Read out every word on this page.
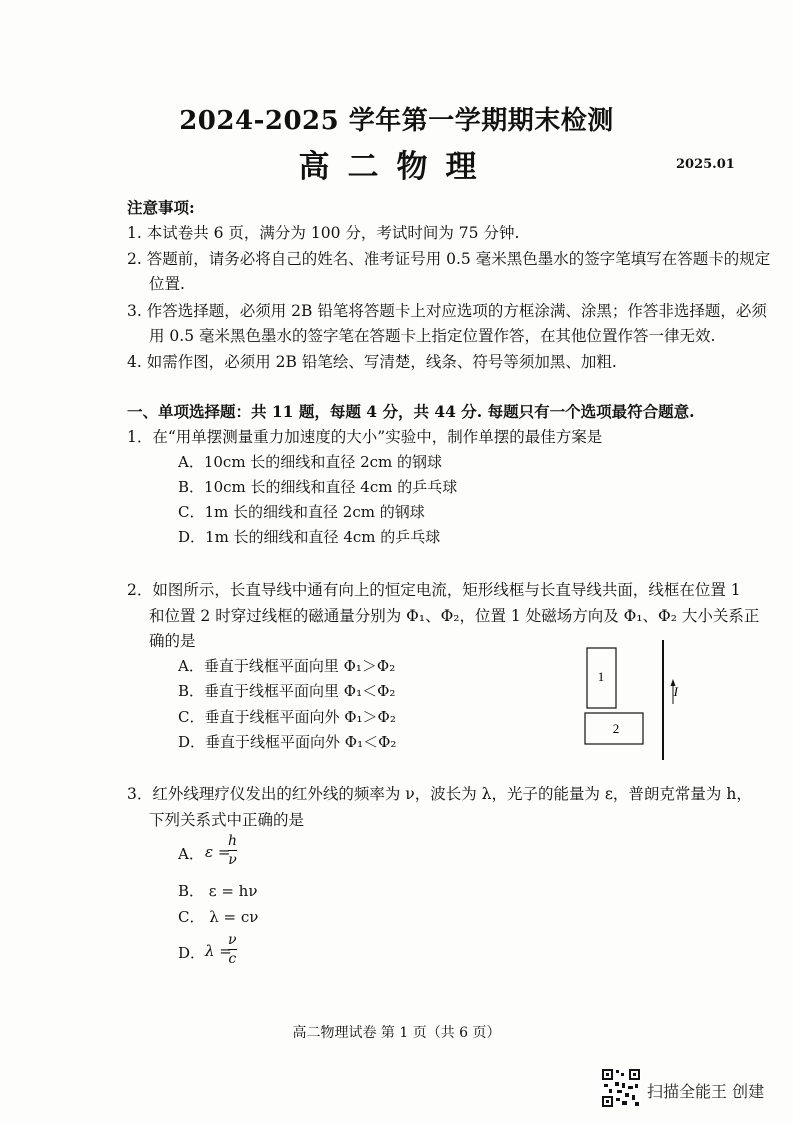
2024-2025 学年第一学期期末检测
高二物理	2025.01
注意事项:
1. 本试卷共 6 页，满分为 100 分，考试时间为 75 分钟.
2. 答题前，请务必将自己的姓名、准考证号用 0.5 毫米黑色墨水的签字笔填写在答题卡的规定
位置.
3. 作答选择题，必须用 2B 铅笔将答题卡上对应选项的方框涂满、涂黑；作答非选择题，必须
用 0.5 毫米黑色墨水的签字笔在答题卡上指定位置作答，在其他位置作答一律无效.
4. 如需作图，必须用 2B 铅笔绘、写清楚，线条、符号等须加黑、加粗.
一、单项选择题：共 11 题，每题 4 分，共 44 分. 每题只有一个选项最符合题意.
1．在“用单摆测量重力加速度的大小”实验中，制作单摆的最佳方案是
A．10cm 长的细线和直径 2cm 的钢球
B．10cm 长的细线和直径 4cm 的乒乓球
C．1m 长的细线和直径 2cm 的钢球
D．1m 长的细线和直径 4cm 的乒乓球
2．如图所示，长直导线中通有向上的恒定电流，矩形线框与长直导线共面，线框在位置 1
和位置 2 时穿过线框的磁通量分别为 Φ₁、Φ₂，位置 1 处磁场方向及 Φ₁、Φ₂ 大小关系正
确的是
A．垂直于线框平面向里 Φ₁＞Φ₂
B．垂直于线框平面向里 Φ₁＜Φ₂
C．垂直于线框平面向外 Φ₁＞Φ₂
D．垂直于线框平面向外 Φ₁＜Φ₂
1
2
I
3．红外线理疗仪发出的红外线的频率为 ν，波长为 λ，光子的能量为 ε，普朗克常量为 h，
下列关系式中正确的是
A． ε =
h
ν
B． ε = hν
C． λ = cν
D． λ =
ν
c
高二物理试卷 第 1 页（共 6 页）
扫描全能王 创建
